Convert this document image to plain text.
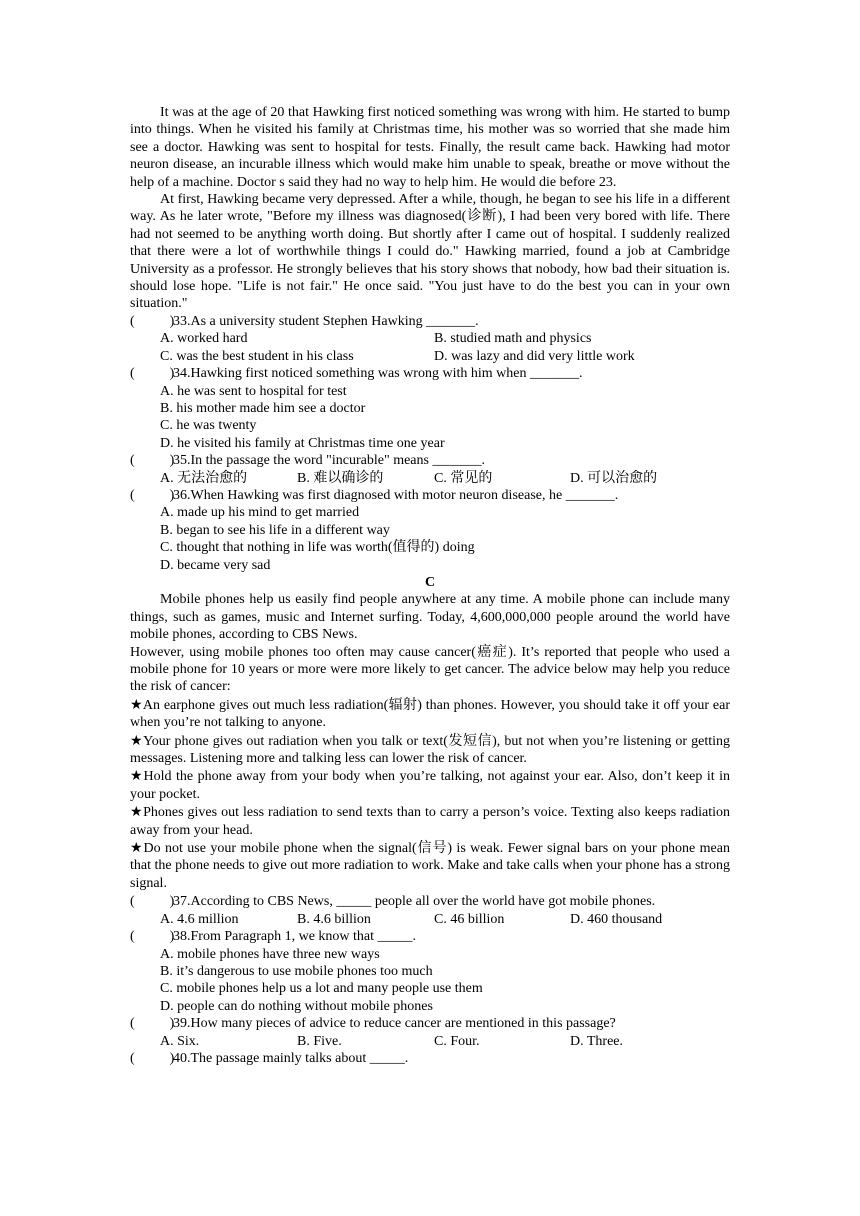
It was at the age of 20 that Hawking first noticed something was wrong with him. He started to bump into things. When he visited his family at Christmas time, his mother was so worried that she made him see a doctor. Hawking was sent to hospital for tests. Finally, the result came back. Hawking had motor neuron disease, an incurable illness which would make him unable to speak, breathe or move without the help of a machine. Doctor s said they had no way to help him. He would die before 23.

At first, Hawking became very depressed. After a while, though, he began to see his life in a different way. As he later wrote, "Before my illness was diagnosed(诊断), I had been very bored with life. There had not seemed to be anything worth doing. But shortly after I came out of hospital. I suddenly realized that there were a lot of worthwhile things I could do." Hawking married, found a job at Cambridge University as a professor. He strongly believes that his story shows that nobody, how bad their situation is. should lose hope. "Life is not fair." He once said. "You just have to do the best you can in your own situation."

(          )
33.As a university student Stephen Hawking _______.
A. worked hard	B. studied math and physics
C. was the best student in his class	D. was lazy and did very little work
(          )
34.Hawking first noticed something was wrong with him when _______.

A. he was sent to hospital for test

B. his mother made him see a doctor

C. he was twenty

D. he visited his family at Christmas time one year

(          )
35.In the passage the word "incurable" means _______.
A. 无法治愈的	B. 难以确诊的	C. 常见的	D. 可以治愈的
(          )
36.When Hawking was first diagnosed with motor neuron disease, he _______.

A. made up his mind to get married

B. began to see his life in a different way

C. thought that nothing in life was worth(值得的) doing

D. became very sad

C

Mobile phones help us easily find people anywhere at any time. A mobile phone can include many things, such as games, music and Internet surfing. Today, 4,600,000,000 people around the world have mobile phones, according to CBS News.

However, using mobile phones too often may cause cancer(癌症). It’s reported that people who used a mobile phone for 10 years or more were more likely to get cancer. The advice below may help you reduce the risk of cancer:

★An earphone gives out much less radiation(辐射) than phones. However, you should take it off your ear when you’re not talking to anyone.

★Your phone gives out radiation when you talk or text(发短信), but not when you’re listening or getting messages. Listening more and talking less can lower the risk of cancer.

★Hold the phone away from your body when you’re talking, not against your ear. Also, don’t keep it in your pocket.

★Phones gives out less radiation to send texts than to carry a person’s voice. Texting also keeps radiation away from your head.

★Do not use your mobile phone when the signal(信号) is weak. Fewer signal bars on your phone mean that the phone needs to give out more radiation to work. Make and take calls when your phone has a strong signal.

(          )
37.According to CBS News, _____ people all over the world have got mobile phones.
A. 4.6 million	B. 4.6 billion	C. 46 billion	D. 460 thousand
(          )
38.From Paragraph 1, we know that _____.

A. mobile phones have three new ways

B. it’s dangerous to use mobile phones too much

C. mobile phones help us a lot and many people use them

D. people can do nothing without mobile phones

(          )
39.How many pieces of advice to reduce cancer are mentioned in this passage?
A. Six.	B. Five.	C. Four.	D. Three.
(          )
40.The passage mainly talks about _____.
